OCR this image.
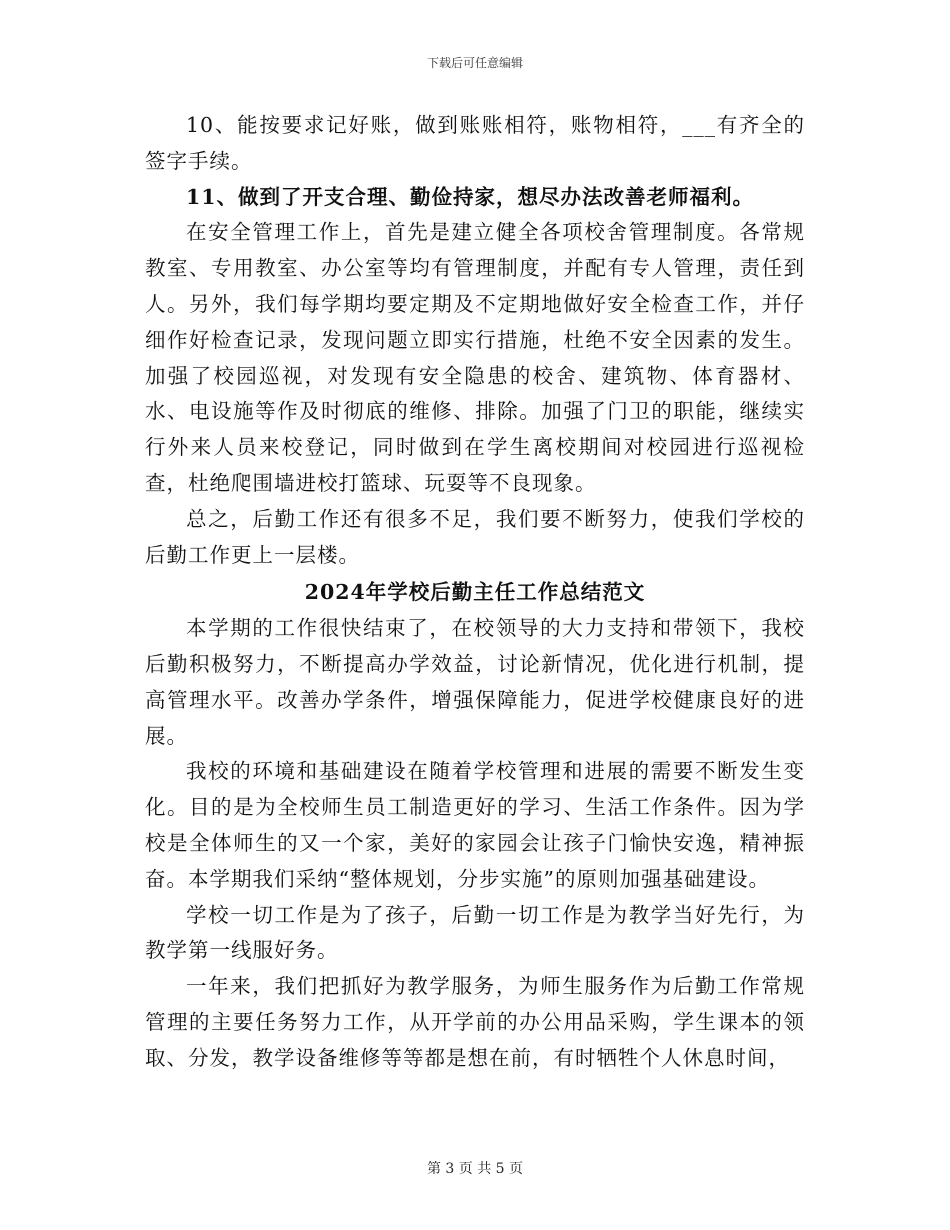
下载后可任意编辑

10、能按要求记好账，做到账账相符，账物相符，___有齐全的签字手续。

11、做到了开支合理、勤俭持家，想尽办法改善老师福利。

在安全管理工作上，首先是建立健全各项校舍管理制度。各常规教室、专用教室、办公室等均有管理制度，并配有专人管理，责任到人。另外，我们每学期均要定期及不定期地做好安全检查工作，并仔细作好检查记录，发现问题立即实行措施，杜绝不安全因素的发生。加强了校园巡视，对发现有安全隐患的校舍、建筑物、体育器材、水、电设施等作及时彻底的维修、排除。加强了门卫的职能，继续实行外来人员来校登记，同时做到在学生离校期间对校园进行巡视检查，杜绝爬围墙进校打篮球、玩耍等不良现象。

总之，后勤工作还有很多不足，我们要不断努力，使我们学校的后勤工作更上一层楼。

2024年学校后勤主任工作总结范文

本学期的工作很快结束了，在校领导的大力支持和带领下，我校后勤积极努力，不断提高办学效益，讨论新情况，优化进行机制，提高管理水平。改善办学条件，增强保障能力，促进学校健康良好的进展。

我校的环境和基础建设在随着学校管理和进展的需要不断发生变化。目的是为全校师生员工制造更好的学习、生活工作条件。因为学校是全体师生的又一个家，美好的家园会让孩子门愉快安逸，精神振奋。本学期我们采纳“整体规划，分步实施”的原则加强基础建设。

学校一切工作是为了孩子，后勤一切工作是为教学当好先行，为教学第一线服好务。

一年来，我们把抓好为教学服务，为师生服务作为后勤工作常规管理的主要任务努力工作，从开学前的办公用品采购，学生课本的领取、分发，教学设备维修等等都是想在前，有时牺牲个人休息时间，

第 3 页 共 5 页
